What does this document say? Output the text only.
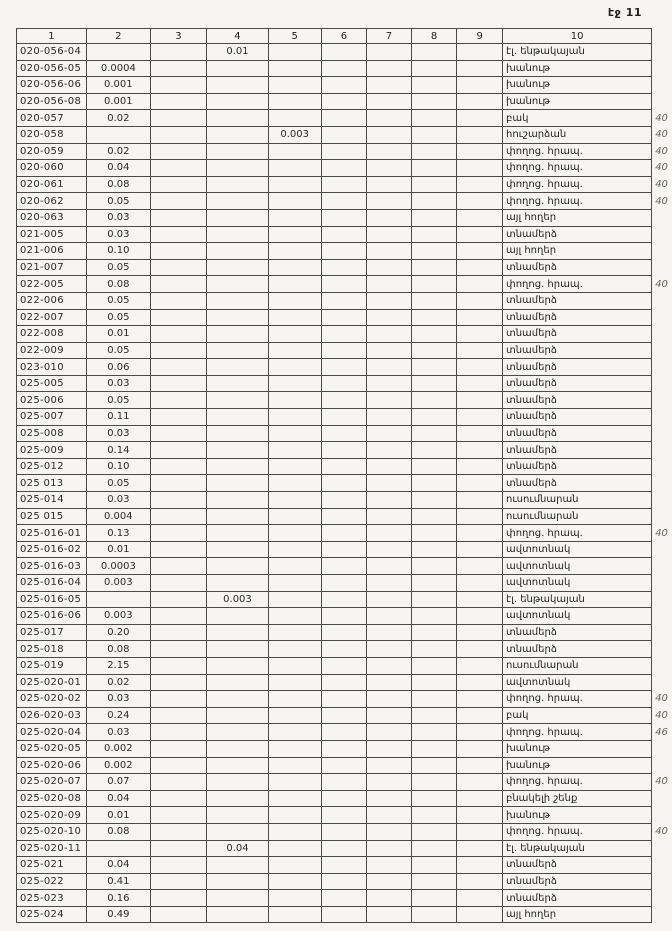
էջ 11
1	2	3	4	5	6	7	8	9	10	
020-056-04			0.01						էլ. ենթակայան	
020-056-05	0.0004								խանութ	
020-056-06	0.001								խանութ	
020-056-08	0.001								խանութ	
020-057	0.02								բակ	40
020-058				0.003					հուշարձան	40
020-059	0.02								փողոց. հրապ.	40
020-060	0.04								փողոց. հրապ.	40
020-061	0.08								փողոց. հրապ.	40
020-062	0.05								փողոց. հրապ.	40
020-063	0.03								այլ հողեր	
021-005	0.03								տնամերձ	
021-006	0.10								այլ հողեր	
021-007	0.05								տնամերձ	
022-005	0.08								փողոց. հրապ.	40
022-006	0.05								տնամերձ	
022-007	0.05								տնամերձ	
022-008	0.01								տնամերձ	
022-009	0.05								տնամերձ	
023-010	0.06								տնամերձ	
025-005	0.03								տնամերձ	
025-006	0.05								տնամերձ	
025-007	0.11								տնամերձ	
025-008	0.03								տնամերձ	
025-009	0.14								տնամերձ	
025-012	0.10								տնամերձ	
025 013	0.05								տնամերձ	
025-014	0.03								ուսումնարան	
025 015	0.004								ուսումնարան	
025-016-01	0.13								փողոց. հրապ.	40
025-016-02	0.01								ավտոտնակ	
025-016-03	0.0003								ավտոտնակ	
025-016-04	0.003								ավտոտնակ	
025-016-05			0.003						էլ. ենթակայան	
025-016-06	0.003								ավտոտնակ	
025-017	0.20								տնամերձ	
025-018	0.08								տնամերձ	
025-019	2.15								ուսումնարան	
025-020-01	0.02								ավտոտնակ	
025-020-02	0.03								փողոց. հրապ.	40
026-020-03	0.24								բակ	40
025-020-04	0.03								փողոց. հրապ.	46
025-020-05	0.002								խանութ	
025-020-06	0.002								խանութ	
025-020-07	0.07								փողոց. հրապ.	40
025-020-08	0.04								բնակելի շենք	
025-020-09	0.01								խանութ	
025-020-10	0.08								փողոց. հրապ.	40
025-020-11			0.04						էլ. ենթակայան	
025-021	0.04								տնամերձ	
025-022	0.41								տնամերձ	
025-023	0.16								տնամերձ	
025-024	0.49								այլ հողեր	
